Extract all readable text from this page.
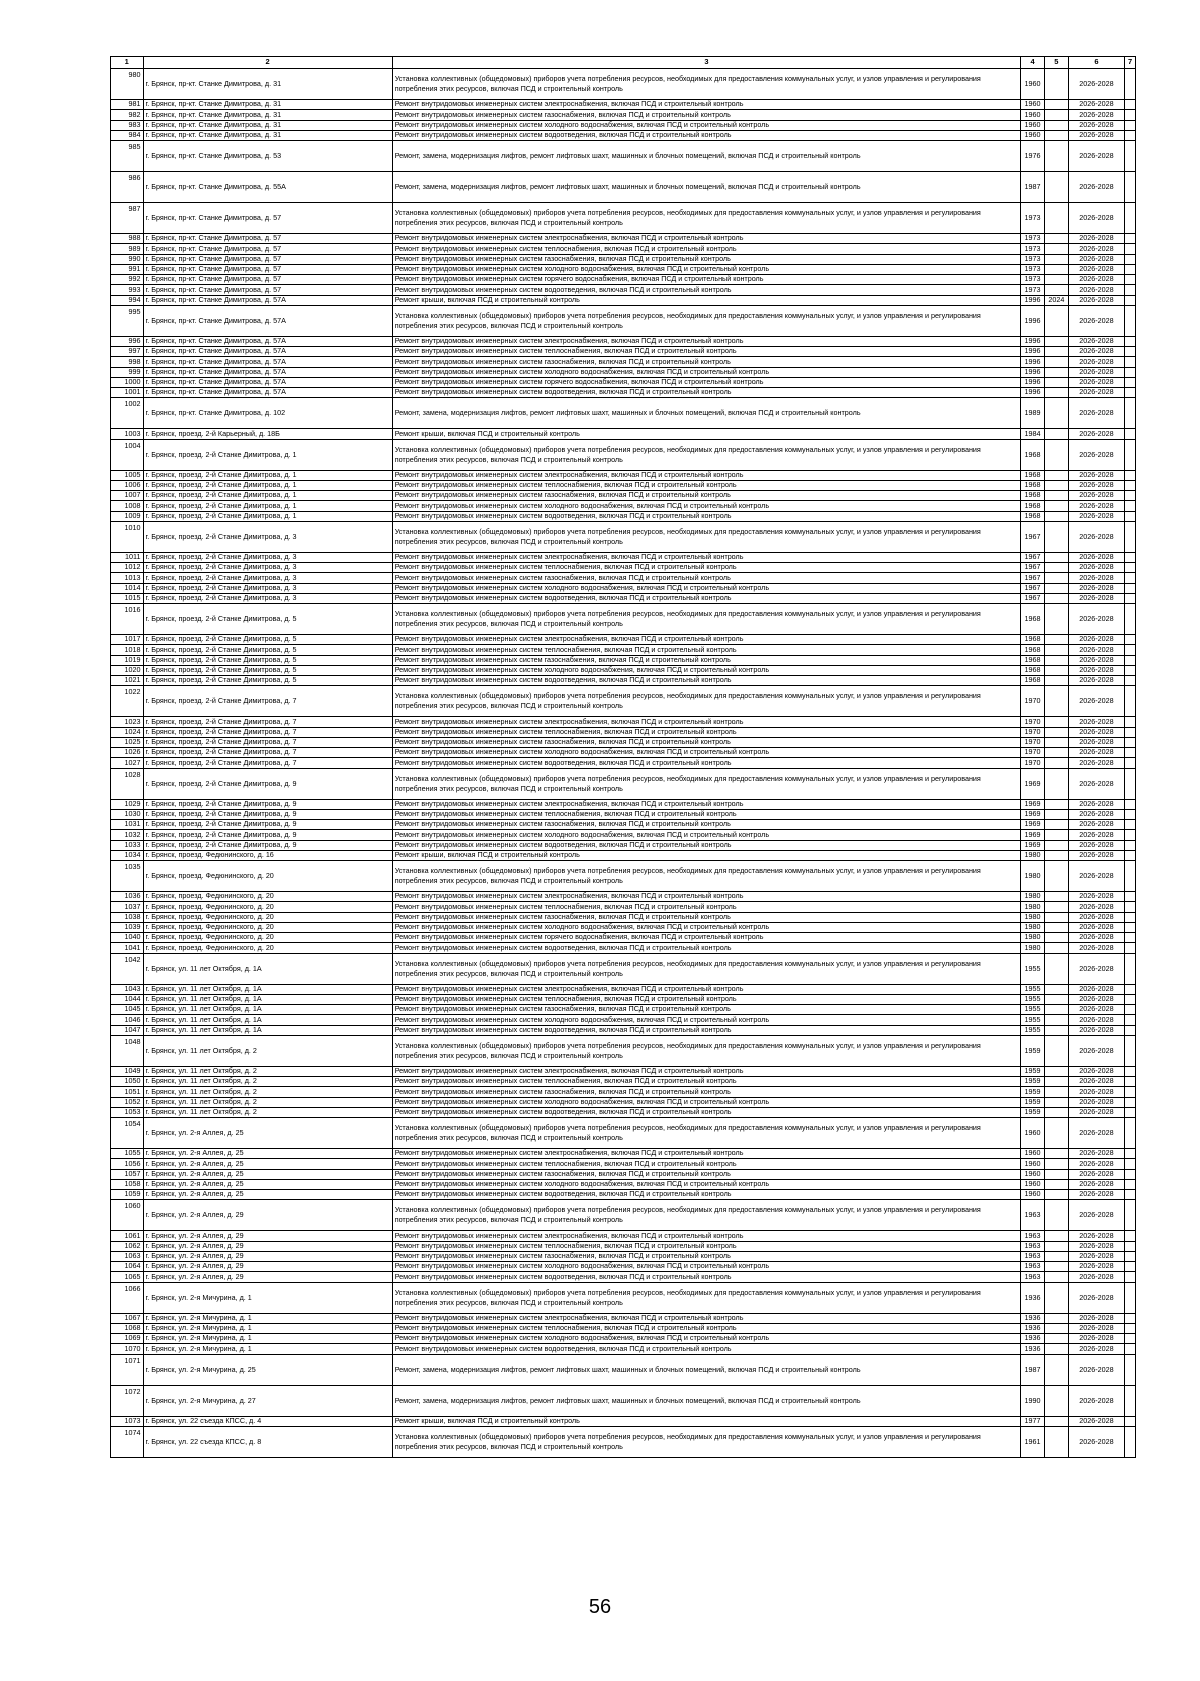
1	2	3	4	5	6	7
980	г. Брянск, пр-кт. Станке Димитрова, д. 31	Установка коллективных (общедомовых) приборов учета потребления ресурсов, необходимых для предоставления коммунальных услуг, и узлов управления и регулирования потребления этих ресурсов, включая ПСД и строительный контроль	1960		2026-2028	
981	г. Брянск, пр-кт. Станке Димитрова, д. 31	Ремонт внутридомовых инженерных систем электроснабжения, включая ПСД и строительный контроль	1960		2026-2028	
982	г. Брянск, пр-кт. Станке Димитрова, д. 31	Ремонт внутридомовых инженерных систем газоснабжения, включая ПСД и строительный контроль	1960		2026-2028	
983	г. Брянск, пр-кт. Станке Димитрова, д. 31	Ремонт внутридомовых инженерных систем холодного водоснабжения, включая ПСД и строительный контроль	1960		2026-2028	
984	г. Брянск, пр-кт. Станке Димитрова, д. 31	Ремонт внутридомовых инженерных систем водоотведения, включая ПСД и строительный контроль	1960		2026-2028	
985	г. Брянск, пр-кт. Станке Димитрова, д. 53	Ремонт, замена, модернизация лифтов, ремонт лифтовых шахт, машинных и блочных помещений, включая ПСД и строительный контроль	1976		2026-2028	
986	г. Брянск, пр-кт. Станке Димитрова, д. 55А	Ремонт, замена, модернизация лифтов, ремонт лифтовых шахт, машинных и блочных помещений, включая ПСД и строительный контроль	1987		2026-2028	
987	г. Брянск, пр-кт. Станке Димитрова, д. 57	Установка коллективных (общедомовых) приборов учета потребления ресурсов, необходимых для предоставления коммунальных услуг, и узлов управления и регулирования потребления этих ресурсов, включая ПСД и строительный контроль	1973		2026-2028	
988	г. Брянск, пр-кт. Станке Димитрова, д. 57	Ремонт внутридомовых инженерных систем электроснабжения, включая ПСД и строительный контроль	1973		2026-2028	
989	г. Брянск, пр-кт. Станке Димитрова, д. 57	Ремонт внутридомовых инженерных систем теплоснабжения, включая ПСД и строительный контроль	1973		2026-2028	
990	г. Брянск, пр-кт. Станке Димитрова, д. 57	Ремонт внутридомовых инженерных систем газоснабжения, включая ПСД и строительный контроль	1973		2026-2028	
991	г. Брянск, пр-кт. Станке Димитрова, д. 57	Ремонт внутридомовых инженерных систем холодного водоснабжения, включая ПСД и строительный контроль	1973		2026-2028	
992	г. Брянск, пр-кт. Станке Димитрова, д. 57	Ремонт внутридомовых инженерных систем горячего водоснабжения, включая ПСД и строительный контроль	1973		2026-2028	
993	г. Брянск, пр-кт. Станке Димитрова, д. 57	Ремонт внутридомовых инженерных систем водоотведения, включая ПСД и строительный контроль	1973		2026-2028	
994	г. Брянск, пр-кт. Станке Димитрова, д. 57А	Ремонт крыши, включая ПСД и строительный контроль	1996	2024	2026-2028	
995	г. Брянск, пр-кт. Станке Димитрова, д. 57А	Установка коллективных (общедомовых) приборов учета потребления ресурсов, необходимых для предоставления коммунальных услуг, и узлов управления и регулирования потребления этих ресурсов, включая ПСД и строительный контроль	1996		2026-2028	
996	г. Брянск, пр-кт. Станке Димитрова, д. 57А	Ремонт внутридомовых инженерных систем электроснабжения, включая ПСД и строительный контроль	1996		2026-2028	
997	г. Брянск, пр-кт. Станке Димитрова, д. 57А	Ремонт внутридомовых инженерных систем теплоснабжения, включая ПСД и строительный контроль	1996		2026-2028	
998	г. Брянск, пр-кт. Станке Димитрова, д. 57А	Ремонт внутридомовых инженерных систем газоснабжения, включая ПСД и строительный контроль	1996		2026-2028	
999	г. Брянск, пр-кт. Станке Димитрова, д. 57А	Ремонт внутридомовых инженерных систем холодного водоснабжения, включая ПСД и строительный контроль	1996		2026-2028	
1000	г. Брянск, пр-кт. Станке Димитрова, д. 57А	Ремонт внутридомовых инженерных систем горячего водоснабжения, включая ПСД и строительный контроль	1996		2026-2028	
1001	г. Брянск, пр-кт. Станке Димитрова, д. 57А	Ремонт внутридомовых инженерных систем водоотведения, включая ПСД и строительный контроль	1996		2026-2028	
1002	г. Брянск, пр-кт. Станке Димитрова, д. 102	Ремонт, замена, модернизация лифтов, ремонт лифтовых шахт, машинных и блочных помещений, включая ПСД и строительный контроль	1989		2026-2028	
1003	г. Брянск, проезд. 2-й Карьерный, д. 18Б	Ремонт крыши, включая ПСД и строительный контроль	1984		2026-2028	
1004	г. Брянск, проезд. 2-й Станке Димитрова, д. 1	Установка коллективных (общедомовых) приборов учета потребления ресурсов, необходимых для предоставления коммунальных услуг, и узлов управления и регулирования потребления этих ресурсов, включая ПСД и строительный контроль	1968		2026-2028	
1005	г. Брянск, проезд. 2-й Станке Димитрова, д. 1	Ремонт внутридомовых инженерных систем электроснабжения, включая ПСД и строительный контроль	1968		2026-2028	
1006	г. Брянск, проезд. 2-й Станке Димитрова, д. 1	Ремонт внутридомовых инженерных систем теплоснабжения, включая ПСД и строительный контроль	1968		2026-2028	
1007	г. Брянск, проезд. 2-й Станке Димитрова, д. 1	Ремонт внутридомовых инженерных систем газоснабжения, включая ПСД и строительный контроль	1968		2026-2028	
1008	г. Брянск, проезд. 2-й Станке Димитрова, д. 1	Ремонт внутридомовых инженерных систем холодного водоснабжения, включая ПСД и строительный контроль	1968		2026-2028	
1009	г. Брянск, проезд. 2-й Станке Димитрова, д. 1	Ремонт внутридомовых инженерных систем водоотведения, включая ПСД и строительный контроль	1968		2026-2028	
1010	г. Брянск, проезд. 2-й Станке Димитрова, д. 3	Установка коллективных (общедомовых) приборов учета потребления ресурсов, необходимых для предоставления коммунальных услуг, и узлов управления и регулирования потребления этих ресурсов, включая ПСД и строительный контроль	1967		2026-2028	
1011	г. Брянск, проезд. 2-й Станке Димитрова, д. 3	Ремонт внутридомовых инженерных систем электроснабжения, включая ПСД и строительный контроль	1967		2026-2028	
1012	г. Брянск, проезд. 2-й Станке Димитрова, д. 3	Ремонт внутридомовых инженерных систем теплоснабжения, включая ПСД и строительный контроль	1967		2026-2028	
1013	г. Брянск, проезд. 2-й Станке Димитрова, д. 3	Ремонт внутридомовых инженерных систем газоснабжения, включая ПСД и строительный контроль	1967		2026-2028	
1014	г. Брянск, проезд. 2-й Станке Димитрова, д. 3	Ремонт внутридомовых инженерных систем холодного водоснабжения, включая ПСД и строительный контроль	1967		2026-2028	
1015	г. Брянск, проезд. 2-й Станке Димитрова, д. 3	Ремонт внутридомовых инженерных систем водоотведения, включая ПСД и строительный контроль	1967		2026-2028	
1016	г. Брянск, проезд. 2-й Станке Димитрова, д. 5	Установка коллективных (общедомовых) приборов учета потребления ресурсов, необходимых для предоставления коммунальных услуг, и узлов управления и регулирования потребления этих ресурсов, включая ПСД и строительный контроль	1968		2026-2028	
1017	г. Брянск, проезд. 2-й Станке Димитрова, д. 5	Ремонт внутридомовых инженерных систем электроснабжения, включая ПСД и строительный контроль	1968		2026-2028	
1018	г. Брянск, проезд. 2-й Станке Димитрова, д. 5	Ремонт внутридомовых инженерных систем теплоснабжения, включая ПСД и строительный контроль	1968		2026-2028	
1019	г. Брянск, проезд. 2-й Станке Димитрова, д. 5	Ремонт внутридомовых инженерных систем газоснабжения, включая ПСД и строительный контроль	1968		2026-2028	
1020	г. Брянск, проезд. 2-й Станке Димитрова, д. 5	Ремонт внутридомовых инженерных систем холодного водоснабжения, включая ПСД и строительный контроль	1968		2026-2028	
1021	г. Брянск, проезд. 2-й Станке Димитрова, д. 5	Ремонт внутридомовых инженерных систем водоотведения, включая ПСД и строительный контроль	1968		2026-2028	
1022	г. Брянск, проезд. 2-й Станке Димитрова, д. 7	Установка коллективных (общедомовых) приборов учета потребления ресурсов, необходимых для предоставления коммунальных услуг, и узлов управления и регулирования потребления этих ресурсов, включая ПСД и строительный контроль	1970		2026-2028	
1023	г. Брянск, проезд. 2-й Станке Димитрова, д. 7	Ремонт внутридомовых инженерных систем электроснабжения, включая ПСД и строительный контроль	1970		2026-2028	
1024	г. Брянск, проезд. 2-й Станке Димитрова, д. 7	Ремонт внутридомовых инженерных систем теплоснабжения, включая ПСД и строительный контроль	1970		2026-2028	
1025	г. Брянск, проезд. 2-й Станке Димитрова, д. 7	Ремонт внутридомовых инженерных систем газоснабжения, включая ПСД и строительный контроль	1970		2026-2028	
1026	г. Брянск, проезд. 2-й Станке Димитрова, д. 7	Ремонт внутридомовых инженерных систем холодного водоснабжения, включая ПСД и строительный контроль	1970		2026-2028	
1027	г. Брянск, проезд. 2-й Станке Димитрова, д. 7	Ремонт внутридомовых инженерных систем водоотведения, включая ПСД и строительный контроль	1970		2026-2028	
1028	г. Брянск, проезд. 2-й Станке Димитрова, д. 9	Установка коллективных (общедомовых) приборов учета потребления ресурсов, необходимых для предоставления коммунальных услуг, и узлов управления и регулирования потребления этих ресурсов, включая ПСД и строительный контроль	1969		2026-2028	
1029	г. Брянск, проезд. 2-й Станке Димитрова, д. 9	Ремонт внутридомовых инженерных систем электроснабжения, включая ПСД и строительный контроль	1969		2026-2028	
1030	г. Брянск, проезд. 2-й Станке Димитрова, д. 9	Ремонт внутридомовых инженерных систем теплоснабжения, включая ПСД и строительный контроль	1969		2026-2028	
1031	г. Брянск, проезд. 2-й Станке Димитрова, д. 9	Ремонт внутридомовых инженерных систем газоснабжения, включая ПСД и строительный контроль	1969		2026-2028	
1032	г. Брянск, проезд. 2-й Станке Димитрова, д. 9	Ремонт внутридомовых инженерных систем холодного водоснабжения, включая ПСД и строительный контроль	1969		2026-2028	
1033	г. Брянск, проезд. 2-й Станке Димитрова, д. 9	Ремонт внутридомовых инженерных систем водоотведения, включая ПСД и строительный контроль	1969		2026-2028	
1034	г. Брянск, проезд. Федюнинского, д. 16	Ремонт крыши, включая ПСД и строительный контроль	1980		2026-2028	
1035	г. Брянск, проезд. Федюнинского, д. 20	Установка коллективных (общедомовых) приборов учета потребления ресурсов, необходимых для предоставления коммунальных услуг, и узлов управления и регулирования потребления этих ресурсов, включая ПСД и строительный контроль	1980		2026-2028	
1036	г. Брянск, проезд. Федюнинского, д. 20	Ремонт внутридомовых инженерных систем электроснабжения, включая ПСД и строительный контроль	1980		2026-2028	
1037	г. Брянск, проезд. Федюнинского, д. 20	Ремонт внутридомовых инженерных систем теплоснабжения, включая ПСД и строительный контроль	1980		2026-2028	
1038	г. Брянск, проезд. Федюнинского, д. 20	Ремонт внутридомовых инженерных систем газоснабжения, включая ПСД и строительный контроль	1980		2026-2028	
1039	г. Брянск, проезд. Федюнинского, д. 20	Ремонт внутридомовых инженерных систем холодного водоснабжения, включая ПСД и строительный контроль	1980		2026-2028	
1040	г. Брянск, проезд. Федюнинского, д. 20	Ремонт внутридомовых инженерных систем горячего водоснабжения, включая ПСД и строительный контроль	1980		2026-2028	
1041	г. Брянск, проезд. Федюнинского, д. 20	Ремонт внутридомовых инженерных систем водоотведения, включая ПСД и строительный контроль	1980		2026-2028	
1042	г. Брянск, ул. 11 лет Октября, д. 1А	Установка коллективных (общедомовых) приборов учета потребления ресурсов, необходимых для предоставления коммунальных услуг, и узлов управления и регулирования потребления этих ресурсов, включая ПСД и строительный контроль	1955		2026-2028	
1043	г. Брянск, ул. 11 лет Октября, д. 1А	Ремонт внутридомовых инженерных систем электроснабжения, включая ПСД и строительный контроль	1955		2026-2028	
1044	г. Брянск, ул. 11 лет Октября, д. 1А	Ремонт внутридомовых инженерных систем теплоснабжения, включая ПСД и строительный контроль	1955		2026-2028	
1045	г. Брянск, ул. 11 лет Октября, д. 1А	Ремонт внутридомовых инженерных систем газоснабжения, включая ПСД и строительный контроль	1955		2026-2028	
1046	г. Брянск, ул. 11 лет Октября, д. 1А	Ремонт внутридомовых инженерных систем холодного водоснабжения, включая ПСД и строительный контроль	1955		2026-2028	
1047	г. Брянск, ул. 11 лет Октября, д. 1А	Ремонт внутридомовых инженерных систем водоотведения, включая ПСД и строительный контроль	1955		2026-2028	
1048	г. Брянск, ул. 11 лет Октября, д. 2	Установка коллективных (общедомовых) приборов учета потребления ресурсов, необходимых для предоставления коммунальных услуг, и узлов управления и регулирования потребления этих ресурсов, включая ПСД и строительный контроль	1959		2026-2028	
1049	г. Брянск, ул. 11 лет Октября, д. 2	Ремонт внутридомовых инженерных систем электроснабжения, включая ПСД и строительный контроль	1959		2026-2028	
1050	г. Брянск, ул. 11 лет Октября, д. 2	Ремонт внутридомовых инженерных систем теплоснабжения, включая ПСД и строительный контроль	1959		2026-2028	
1051	г. Брянск, ул. 11 лет Октября, д. 2	Ремонт внутридомовых инженерных систем газоснабжения, включая ПСД и строительный контроль	1959		2026-2028	
1052	г. Брянск, ул. 11 лет Октября, д. 2	Ремонт внутридомовых инженерных систем холодного водоснабжения, включая ПСД и строительный контроль	1959		2026-2028	
1053	г. Брянск, ул. 11 лет Октября, д. 2	Ремонт внутридомовых инженерных систем водоотведения, включая ПСД и строительный контроль	1959		2026-2028	
1054	г. Брянск, ул. 2-я Аллея, д. 25	Установка коллективных (общедомовых) приборов учета потребления ресурсов, необходимых для предоставления коммунальных услуг, и узлов управления и регулирования потребления этих ресурсов, включая ПСД и строительный контроль	1960		2026-2028	
1055	г. Брянск, ул. 2-я Аллея, д. 25	Ремонт внутридомовых инженерных систем электроснабжения, включая ПСД и строительный контроль	1960		2026-2028	
1056	г. Брянск, ул. 2-я Аллея, д. 25	Ремонт внутридомовых инженерных систем теплоснабжения, включая ПСД и строительный контроль	1960		2026-2028	
1057	г. Брянск, ул. 2-я Аллея, д. 25	Ремонт внутридомовых инженерных систем газоснабжения, включая ПСД и строительный контроль	1960		2026-2028	
1058	г. Брянск, ул. 2-я Аллея, д. 25	Ремонт внутридомовых инженерных систем холодного водоснабжения, включая ПСД и строительный контроль	1960		2026-2028	
1059	г. Брянск, ул. 2-я Аллея, д. 25	Ремонт внутридомовых инженерных систем водоотведения, включая ПСД и строительный контроль	1960		2026-2028	
1060	г. Брянск, ул. 2-я Аллея, д. 29	Установка коллективных (общедомовых) приборов учета потребления ресурсов, необходимых для предоставления коммунальных услуг, и узлов управления и регулирования потребления этих ресурсов, включая ПСД и строительный контроль	1963		2026-2028	
1061	г. Брянск, ул. 2-я Аллея, д. 29	Ремонт внутридомовых инженерных систем электроснабжения, включая ПСД и строительный контроль	1963		2026-2028	
1062	г. Брянск, ул. 2-я Аллея, д. 29	Ремонт внутридомовых инженерных систем теплоснабжения, включая ПСД и строительный контроль	1963		2026-2028	
1063	г. Брянск, ул. 2-я Аллея, д. 29	Ремонт внутридомовых инженерных систем газоснабжения, включая ПСД и строительный контроль	1963		2026-2028	
1064	г. Брянск, ул. 2-я Аллея, д. 29	Ремонт внутридомовых инженерных систем холодного водоснабжения, включая ПСД и строительный контроль	1963		2026-2028	
1065	г. Брянск, ул. 2-я Аллея, д. 29	Ремонт внутридомовых инженерных систем водоотведения, включая ПСД и строительный контроль	1963		2026-2028	
1066	г. Брянск, ул. 2-я Мичурина, д. 1	Установка коллективных (общедомовых) приборов учета потребления ресурсов, необходимых для предоставления коммунальных услуг, и узлов управления и регулирования потребления этих ресурсов, включая ПСД и строительный контроль	1936		2026-2028	
1067	г. Брянск, ул. 2-я Мичурина, д. 1	Ремонт внутридомовых инженерных систем электроснабжения, включая ПСД и строительный контроль	1936		2026-2028	
1068	г. Брянск, ул. 2-я Мичурина, д. 1	Ремонт внутридомовых инженерных систем теплоснабжения, включая ПСД и строительный контроль	1936		2026-2028	
1069	г. Брянск, ул. 2-я Мичурина, д. 1	Ремонт внутридомовых инженерных систем холодного водоснабжения, включая ПСД и строительный контроль	1936		2026-2028	
1070	г. Брянск, ул. 2-я Мичурина, д. 1	Ремонт внутридомовых инженерных систем водоотведения, включая ПСД и строительный контроль	1936		2026-2028	
1071	г. Брянск, ул. 2-я Мичурина, д. 25	Ремонт, замена, модернизация лифтов, ремонт лифтовых шахт, машинных и блочных помещений, включая ПСД и строительный контроль	1987		2026-2028	
1072	г. Брянск, ул. 2-я Мичурина, д. 27	Ремонт, замена, модернизация лифтов, ремонт лифтовых шахт, машинных и блочных помещений, включая ПСД и строительный контроль	1990		2026-2028	
1073	г. Брянск, ул. 22 съезда КПСС, д. 4	Ремонт крыши, включая ПСД и строительный контроль	1977		2026-2028	
1074	г. Брянск, ул. 22 съезда КПСС, д. 8	Установка коллективных (общедомовых) приборов учета потребления ресурсов, необходимых для предоставления коммунальных услуг, и узлов управления и регулирования потребления этих ресурсов, включая ПСД и строительный контроль	1961		2026-2028	
56
